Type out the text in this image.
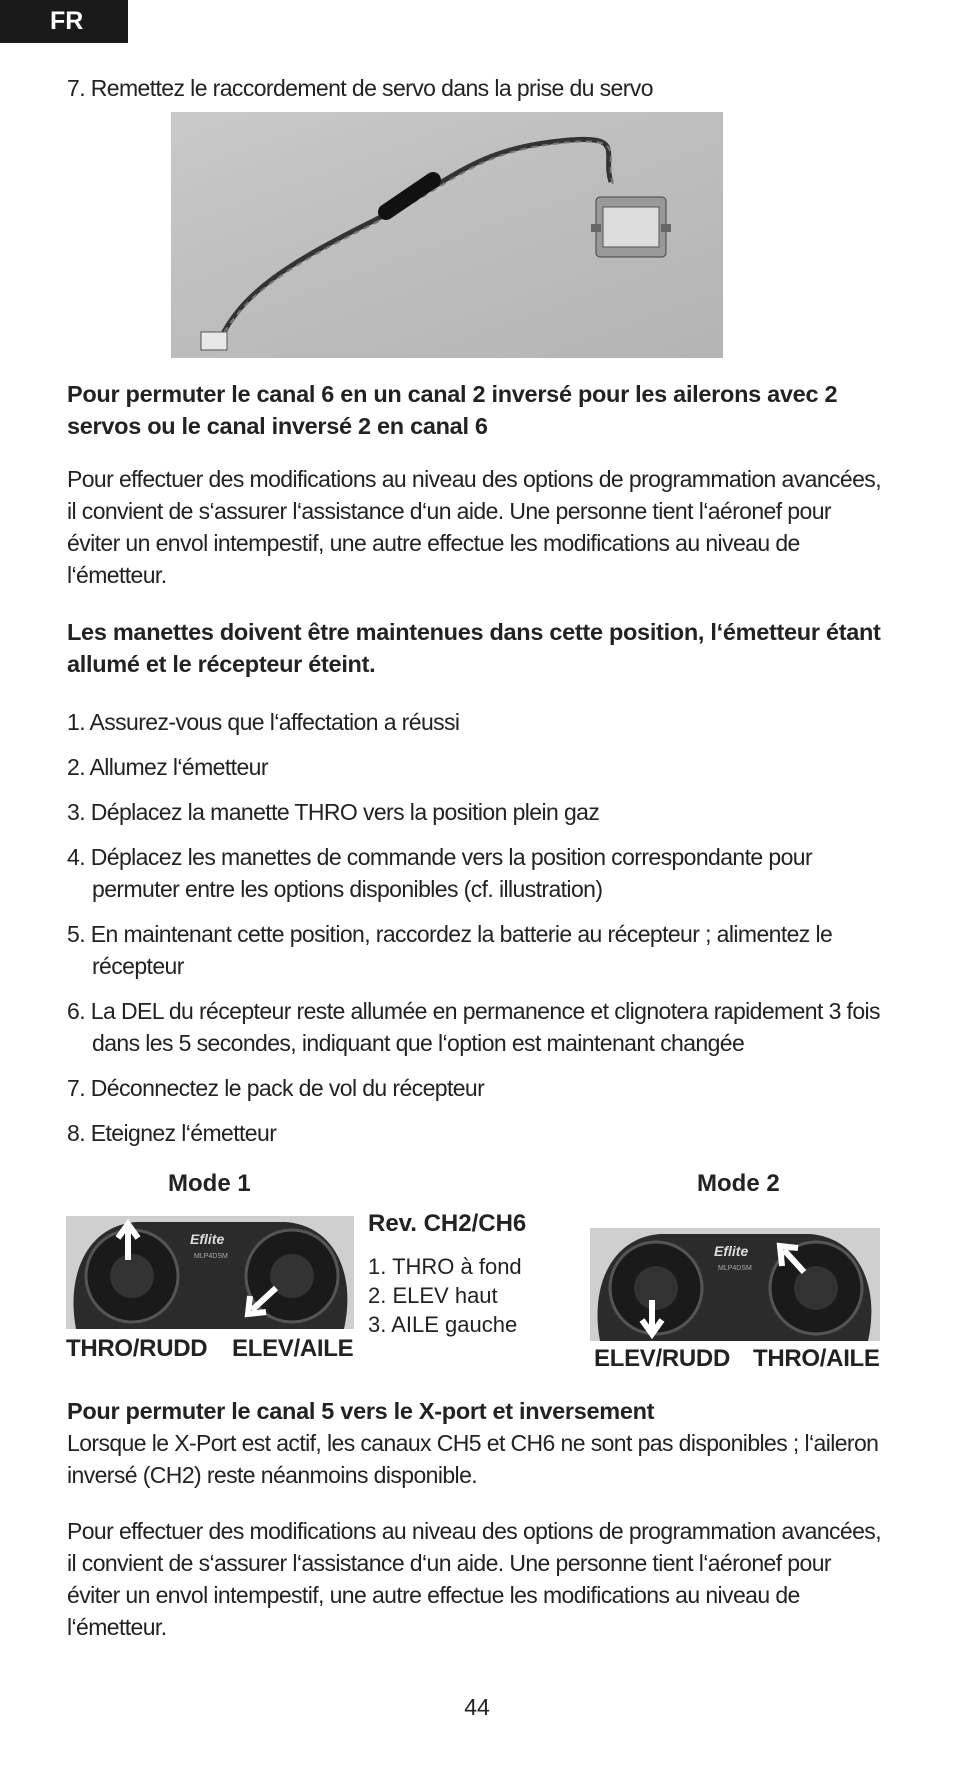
FR
7. Remettez le raccordement de servo dans la prise du servo
Pour permuter le canal 6 en un canal 2 inversé pour les ailerons avec 2 servos ou le canal inversé 2 en canal 6
Pour effectuer des modifications au niveau des options de programmation avancées, il convient de s‘assurer l‘assistance d‘un aide. Une personne tient l‘aéronef pour éviter un envol intempestif, une autre effectue les modifications au niveau de l‘émetteur.
Les manettes doivent être maintenues dans cette position, l‘émetteur étant allumé et le récepteur éteint.
1. Assurez-vous que l‘affectation a réussi
2. Allumez l‘émetteur
3. Déplacez la manette THRO vers la position plein gaz
4. Déplacez les manettes de commande vers la position correspondante pour permuter entre les options disponibles (cf. illustration)
5. En maintenant cette position, raccordez la batterie au récepteur ; alimentez le récepteur
6. La DEL du récepteur reste allumée en permanence et clignotera rapidement 3 fois dans les 5 secondes, indiquant que l‘option est maintenant changée
7. Déconnectez le pack de vol du récepteur
8. Eteignez l‘émetteur
Mode 1
Eflite
MLP4DSM
THRO/RUDD ELEV/AILE
Rev. CH2/CH6
1. THRO à fond
2. ELEV haut
3. AILE gauche
Mode 2
Eflite
MLP4DSM
ELEV/RUDD THRO/AILE
Pour permuter le canal 5 vers le X-port et inversement
Lorsque le X-Port est actif, les canaux CH5 et CH6 ne sont pas disponibles ; l‘aileron inversé (CH2) reste néanmoins disponible.
Pour effectuer des modifications au niveau des options de programmation avancées, il convient de s‘assurer l‘assistance d‘un aide. Une personne tient l‘aéronef pour éviter un envol intempestif, une autre effectue les modifications au niveau de l‘émetteur.
44
